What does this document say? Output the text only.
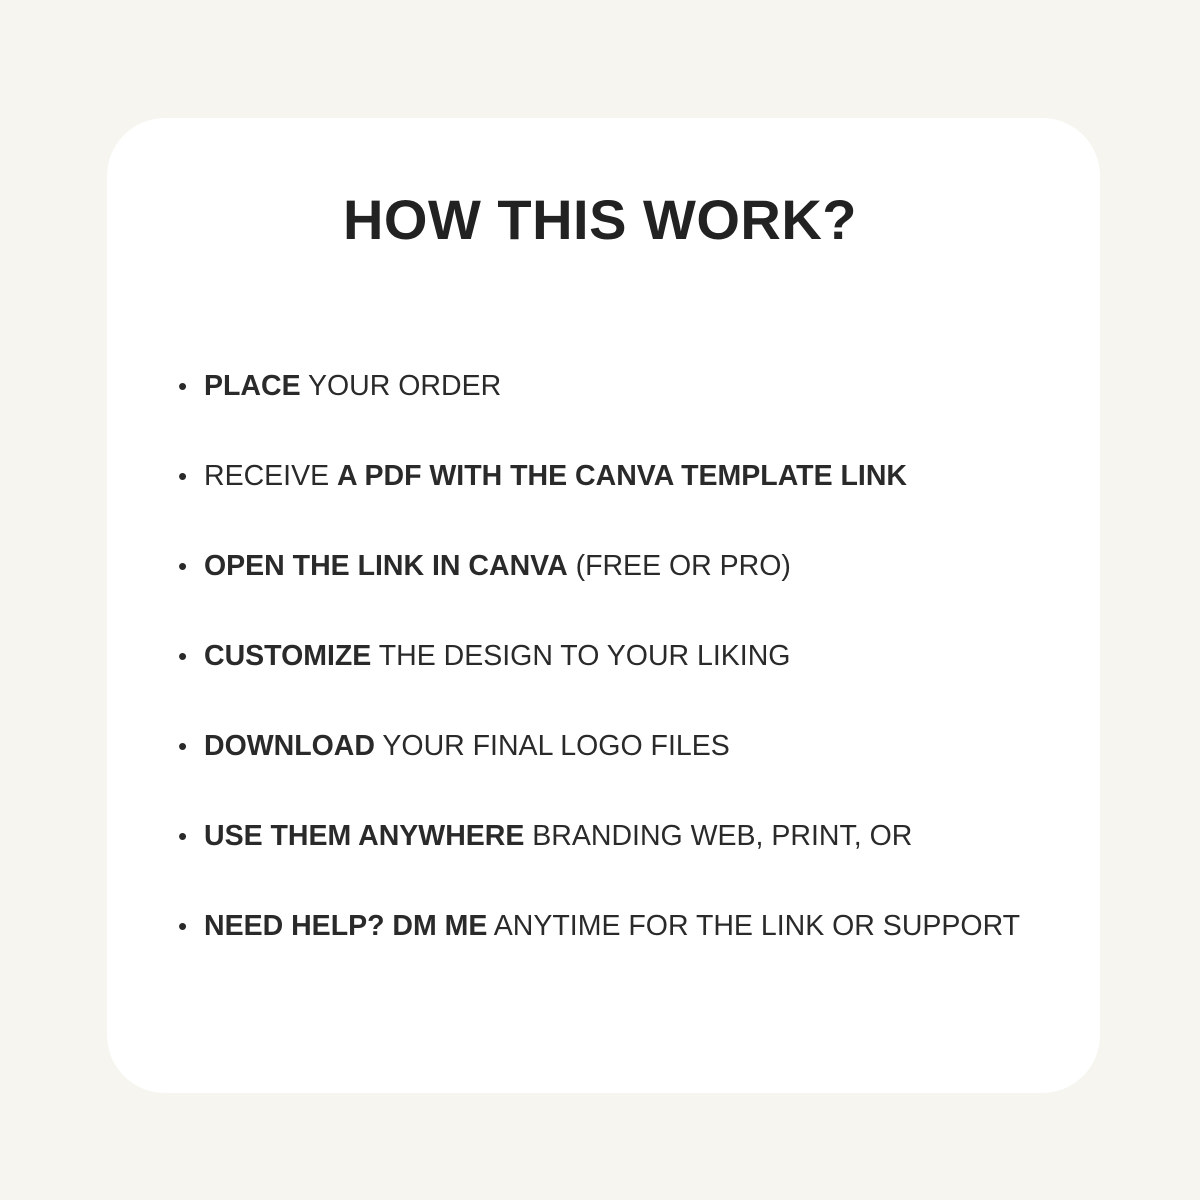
HOW THIS WORK?
• PLACE YOUR ORDER
• RECEIVE A PDF WITH THE CANVA TEMPLATE LINK
• OPEN THE LINK IN CANVA (FREE OR PRO)
• CUSTOMIZE THE DESIGN TO YOUR LIKING
• DOWNLOAD YOUR FINAL LOGO FILES
• USE THEM ANYWHERE BRANDING WEB, PRINT, OR
• NEED HELP? DM ME ANYTIME FOR THE LINK OR SUPPORT
